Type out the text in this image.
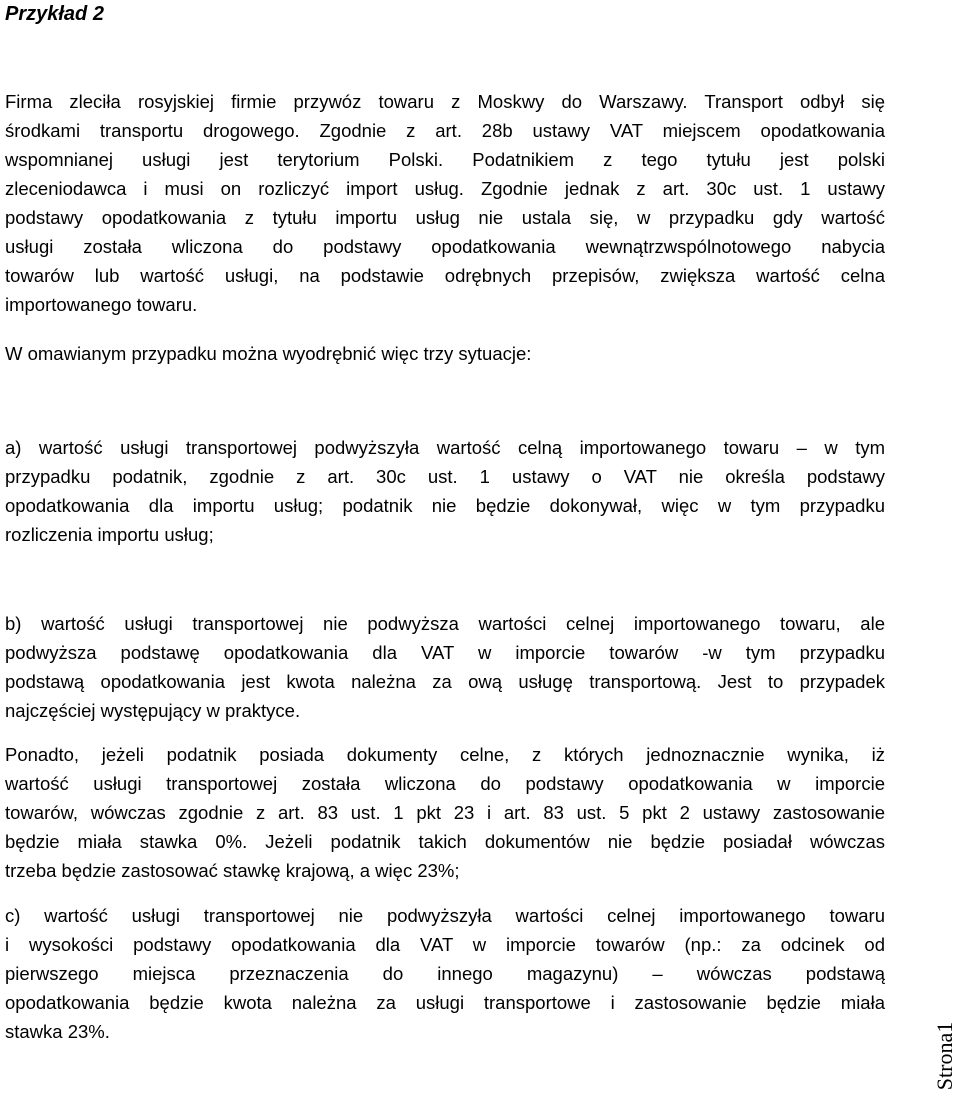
Przykład 2

Firma zleciła rosyjskiej firmie przywóz towaru z Moskwy do Warszawy. Transport odbył się
środkami transportu drogowego. Zgodnie z art. 28b ustawy VAT miejscem opodatkowania
wspomnianej usługi jest terytorium Polski. Podatnikiem z tego tytułu jest polski
zleceniodawca i musi on rozliczyć import usług. Zgodnie jednak z art. 30c ust. 1 ustawy
podstawy opodatkowania z tytułu importu usług nie ustala się, w przypadku gdy wartość
usługi została wliczona do podstawy opodatkowania wewnątrzwspólnotowego nabycia
towarów lub wartość usługi, na podstawie odrębnych przepisów, zwiększa wartość celna
importowanego towaru.

W omawianym przypadku można wyodrębnić więc trzy sytuacje:

a) wartość usługi transportowej podwyższyła wartość celną importowanego towaru – w tym
przypadku podatnik, zgodnie z art. 30c ust. 1 ustawy o VAT nie określa podstawy
opodatkowania dla importu usług; podatnik nie będzie dokonywał, więc w tym przypadku
rozliczenia importu usług;

b) wartość usługi transportowej nie podwyższa wartości celnej importowanego towaru, ale
podwyższa podstawę opodatkowania dla VAT w imporcie towarów -w tym przypadku
podstawą opodatkowania jest kwota należna za ową usługę transportową. Jest to przypadek
najczęściej występujący w praktyce.

Ponadto, jeżeli podatnik posiada dokumenty celne, z których jednoznacznie wynika, iż
wartość usługi transportowej została wliczona do podstawy opodatkowania w imporcie
towarów, wówczas zgodnie z art. 83 ust. 1 pkt 23 i art. 83 ust. 5 pkt 2 ustawy zastosowanie
będzie miała stawka 0%. Jeżeli podatnik takich dokumentów nie będzie posiadał wówczas
trzeba będzie zastosować stawkę krajową, a więc 23%;

c) wartość usługi transportowej nie podwyższyła wartości celnej importowanego towaru
i wysokości podstawy opodatkowania dla VAT w imporcie towarów (np.: za odcinek od
pierwszego miejsca przeznaczenia do innego magazynu) – wówczas podstawą
opodatkowania będzie kwota należna za usługi transportowe i zastosowanie będzie miała
stawka 23%.	Strona1
